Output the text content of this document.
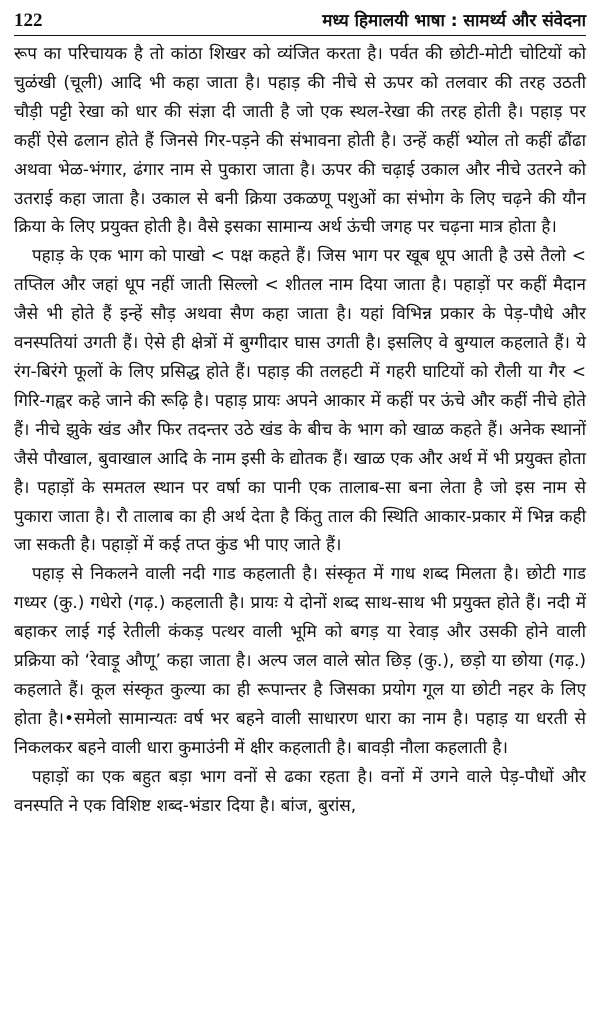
122	मध्य हिमालयी भाषा : सामर्थ्य और संवेदना

रूप का परिचायक है तो कांठा शिखर को व्यंजित करता है। पर्वत की छोटी-मोटी चोटियों को चुळंखी (चूली) आदि भी कहा जाता है। पहाड़ की नीचे से ऊपर को तलवार की तरह उठती चौड़ी पट्टी रेखा को धार की संज्ञा दी जाती है जो एक स्थल-रेखा की तरह होती है। पहाड़ पर कहीं ऐसे ढलान होते हैं जिनसे गिर-पड़ने की संभावना होती है। उन्हें कहीं भ्योल तो कहीं ढौंढा अथवा भेळ-भंगार, ढंगार नाम से पुकारा जाता है। ऊपर की चढ़ाई उकाल और नीचे उतरने को उतराई कहा जाता है। उकाल से बनी क्रिया उकळणू पशुओं का संभोग के लिए चढ़ने की यौन क्रिया के लिए प्रयुक्त होती है। वैसे इसका सामान्य अर्थ ऊंची जगह पर चढ़ना मात्र होता है।

पहाड़ के एक भाग को पाखो < पक्ष कहते हैं। जिस भाग पर खूब धूप आती है उसे तैलो < तप्तिल और जहां धूप नहीं जाती सिल्लो < शीतल नाम दिया जाता है। पहाड़ों पर कहीं मैदान जैसे भी होते हैं इन्हें सौड़ अथवा सैण कहा जाता है। यहां विभिन्न प्रकार के पेड़-पौधे और वनस्पतियां उगती हैं। ऐसे ही क्षेत्रों में बुग्गीदार घास उगती है। इसलिए वे बुग्याल कहलाते हैं। ये रंग-बिरंगे फूलों के लिए प्रसिद्ध होते हैं। पहाड़ की तलहटी में गहरी घाटियों को रौली या गैर < गिरि-गह्वर कहे जाने की रूढ़ि है। पहाड़ प्रायः अपने आकार में कहीं पर ऊंचे और कहीं नीचे होते हैं। नीचे झुके खंड और फिर तदन्तर उठे खंड के बीच के भाग को खाळ कहते हैं। अनेक स्थानों जैसे पौखाल, बुवाखाल आदि के नाम इसी के द्योतक हैं। खाळ एक और अर्थ में भी प्रयुक्त होता है। पहाड़ों के समतल स्थान पर वर्षा का पानी एक तालाब-सा बना लेता है जो इस नाम से पुकारा जाता है। रौ तालाब का ही अर्थ देता है किंतु ताल की स्थिति आकार-प्रकार में भिन्न कही जा सकती है। पहाड़ों में कई तप्त कुंड भी पाए जाते हैं।

पहाड़ से निकलने वाली नदी गाड कहलाती है। संस्कृत में गाध शब्द मिलता है। छोटी गाड गध्यर (कु.) गधेरो (गढ़.) कहलाती है। प्रायः ये दोनों शब्द साथ-साथ भी प्रयुक्त होते हैं। नदी में बहाकर लाई गई रेतीली कंकड़ पत्थर वाली भूमि को बगड़ या रेवाड़ और उसकी होने वाली प्रक्रिया को ‘रेवाड़ू औणू’ कहा जाता है। अल्प जल वाले स्रोत छिड़ (कु.), छड़ो या छोया (गढ़.) कहलाते हैं। कूल संस्कृत कुल्या का ही रूपान्तर है जिसका प्रयोग गूल या छोटी नहर के लिए होता है।•समेलो सामान्यतः वर्ष भर बहने वाली साधारण धारा का नाम है। पहाड़ या धरती से निकलकर बहने वाली धारा कुमाउंनी में क्षीर कहलाती है। बावड़ी नौला कहलाती है।

पहाड़ों का एक बहुत बड़ा भाग वनों से ढका रहता है। वनों में उगने वाले पेड़-पौधों और वनस्पति ने एक विशिष्ट शब्द-भंडार दिया है। बांज, बुरांस,
